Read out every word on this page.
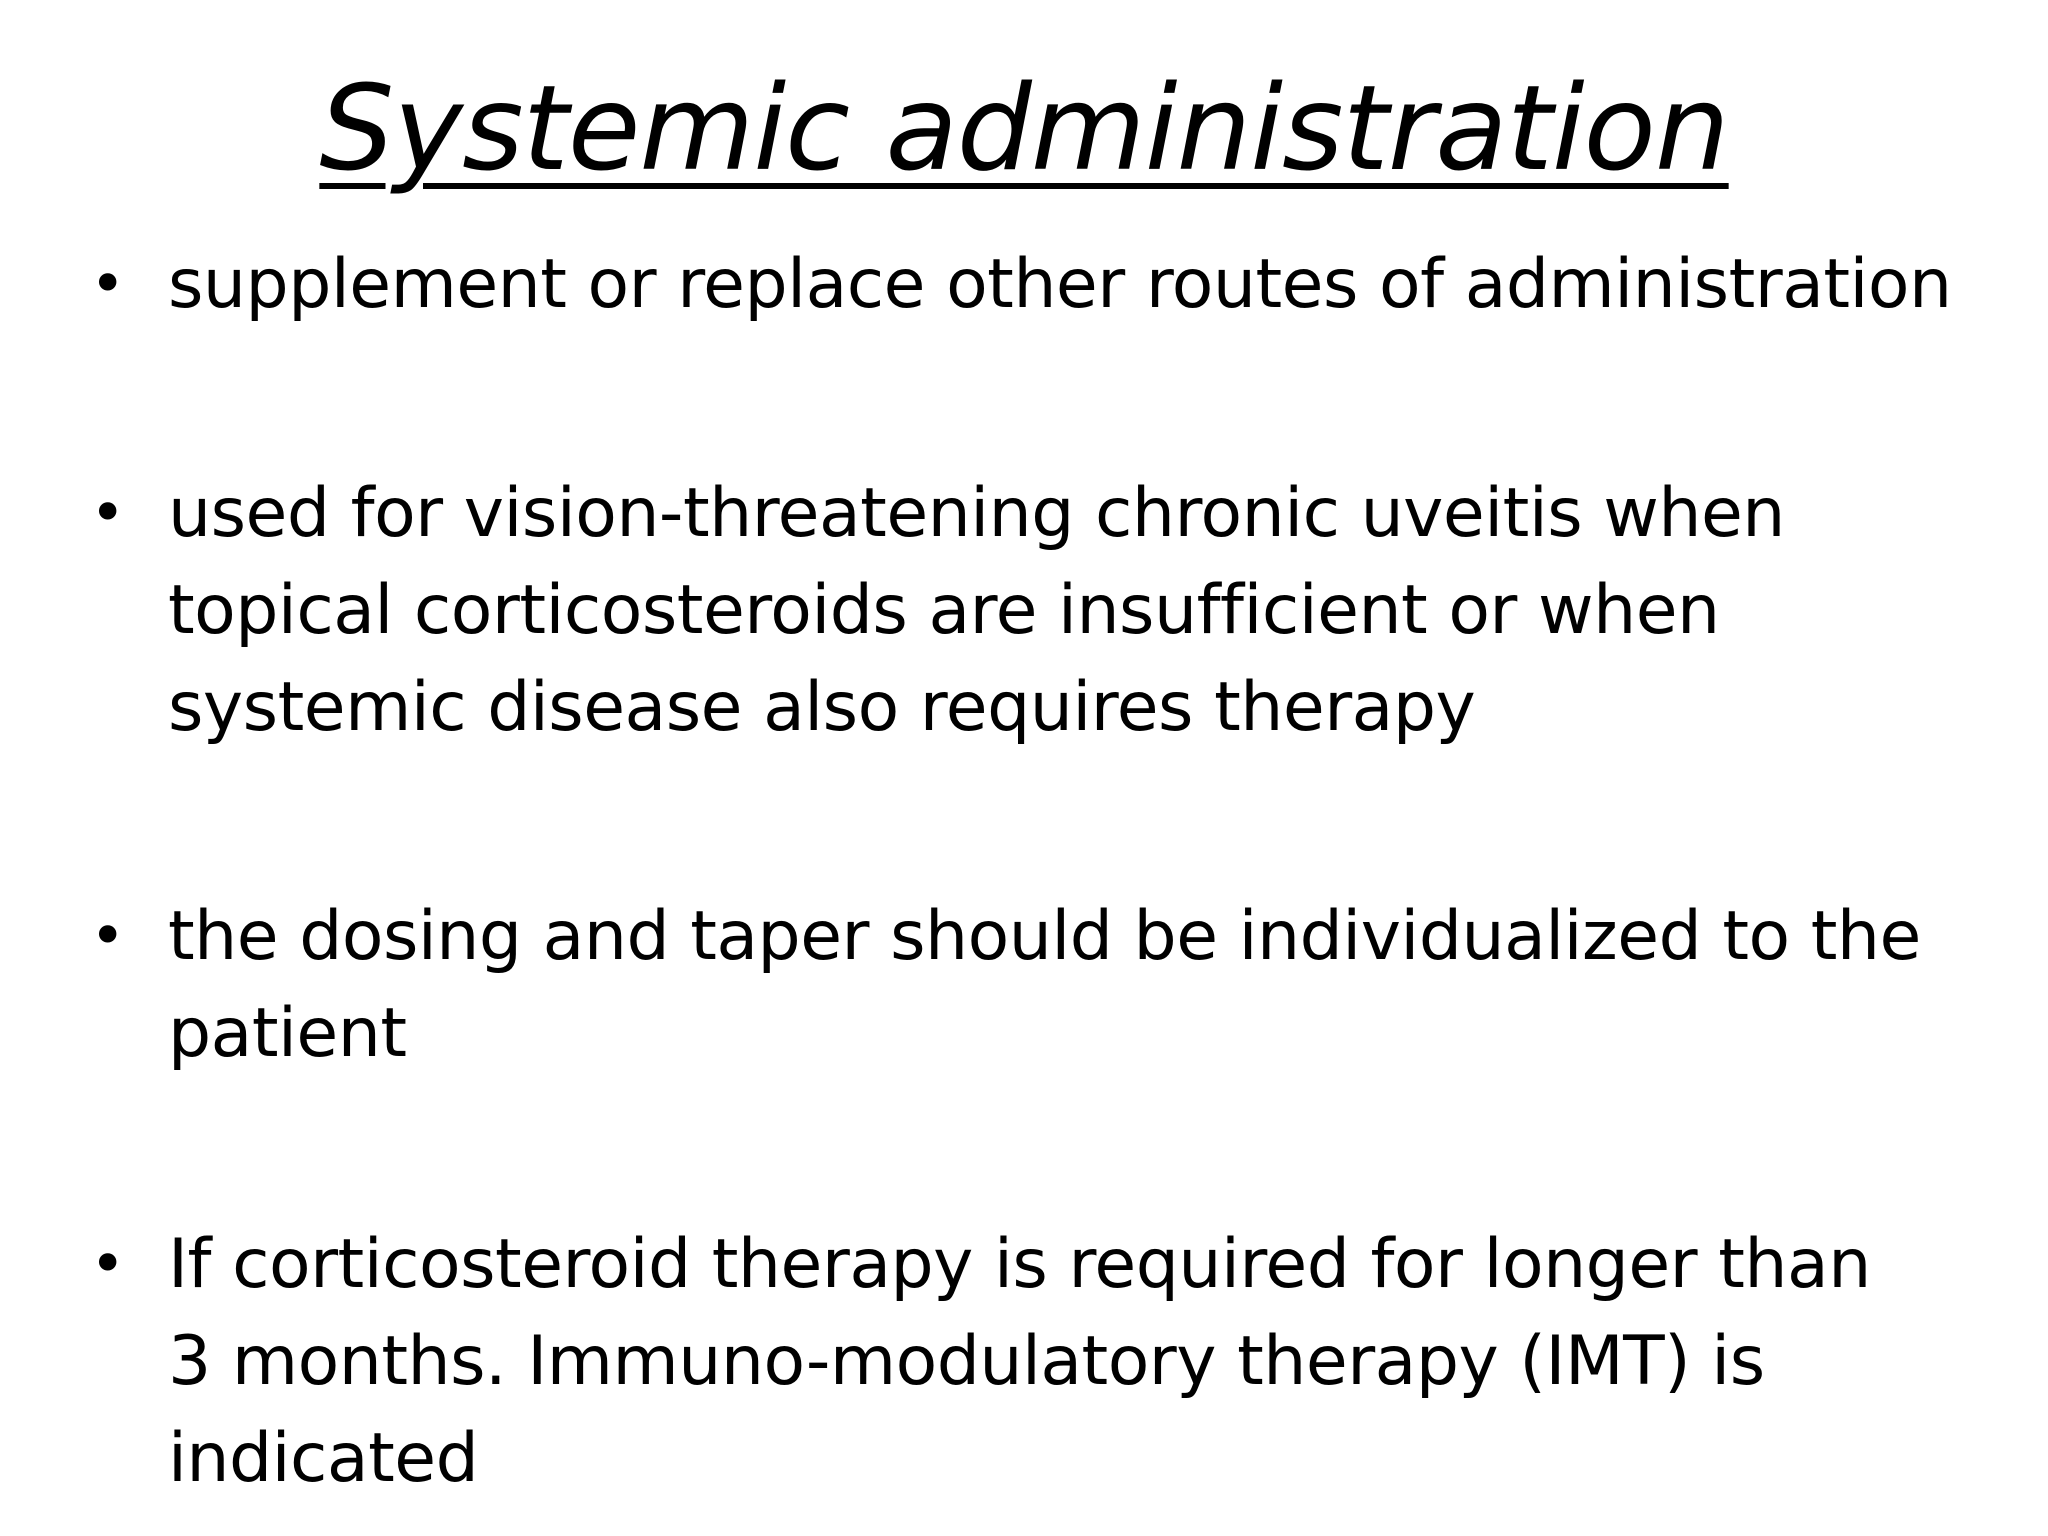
Systemic administration
• supplement or replace other routes of administration
• used for vision-threatening chronic uveitis when topical corticosteroids are insufficient or when systemic disease also requires therapy
• the dosing and taper should be individualized to the patient
• If corticosteroid therapy is required for longer than 3 months. Immuno-modulatory therapy (IMT) is indicated
